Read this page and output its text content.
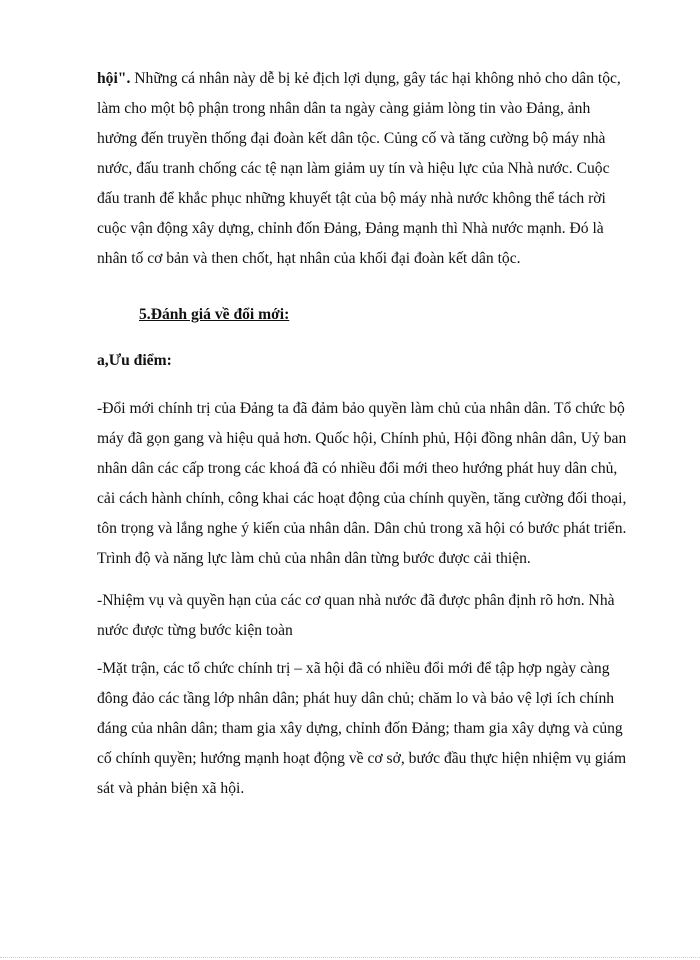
hội". Những cá nhân này dễ bị kẻ địch lợi dụng, gây tác hại không nhỏ cho dân tộc, làm cho một bộ phận trong nhân dân ta ngày càng giảm lòng tin vào Đảng, ảnh hưởng đến truyền thống đại đoàn kết dân tộc. Củng cố và tăng cường bộ máy nhà nước, đấu tranh chống các tệ nạn làm giảm uy tín và hiệu lực của Nhà nước. Cuộc đấu tranh để khắc phục những khuyết tật của bộ máy nhà nước không thể tách rời cuộc vận động xây dựng, chỉnh đốn Đảng, Đảng mạnh thì Nhà nước mạnh. Đó là nhân tố cơ bản và then chốt, hạt nhân của khối đại đoàn kết dân tộc.

5.Đánh giá về đổi mới:
a,Ưu điểm:

-Đổi mới chính trị của Đảng ta đã đảm bảo quyền làm chủ của nhân dân. Tổ chức bộ máy đã gọn gang và hiệu quả hơn. Quốc hội, Chính phủ, Hội đồng nhân dân, Uỷ ban nhân dân các cấp trong các khoá đã có nhiều đổi mới theo hướng phát huy dân chủ, cải cách hành chính, công khai các hoạt động của chính quyền, tăng cường đối thoại, tôn trọng và lắng nghe ý kiến của nhân dân. Dân chủ trong xã hội có bước phát triển. Trình độ và năng lực làm chủ của nhân dân từng bước được cải thiện.

-Nhiệm vụ và quyền hạn của các cơ quan nhà nước đã được phân định rõ hơn. Nhà nước được từng bước kiện toàn

-Mặt trận, các tổ chức chính trị – xã hội đã có nhiều đổi mới để tập hợp ngày càng đông đảo các tầng lớp nhân dân; phát huy dân chủ; chăm lo và bảo vệ lợi ích chính đáng của nhân dân; tham gia xây dựng, chỉnh đốn Đảng; tham gia xây dựng và củng cố chính quyền; hướng mạnh hoạt động về cơ sở, bước đầu thực hiện nhiệm vụ giám sát và phản biện xã hội.
